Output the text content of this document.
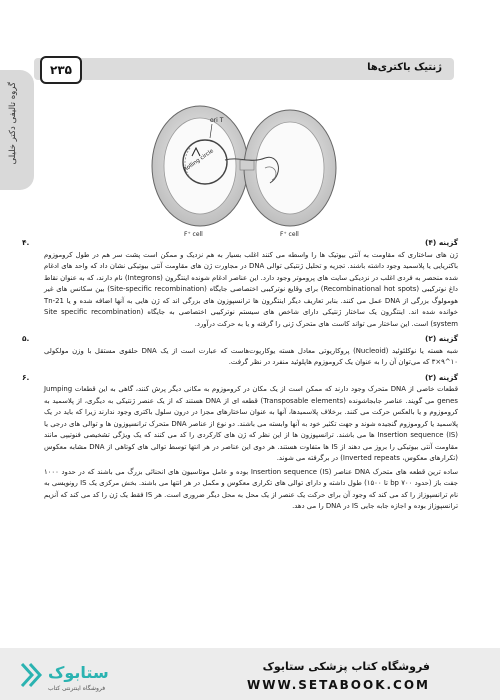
گروه تالیفی دکتر خلیلی
۲۳۵	ژنتیک باکتری‌ها
ori T
Rolling circle
F⁺ cell	F⁺ cell
۴.	گزینه (۴)

ژن های ساختاری که مقاومت به آنتی بیوتیک ها را واسطه می کنند اغلب بسیار به هم نزدیک و ممکن است پشت سر هم در طول کروموزوم باکتریایی یا پلاسمید وجود داشته باشند. تجزیه و تحلیل ژنتیکی توالی DNA در مجاورت ژن های مقاومت آنتی بیوتیکی نشان داد که واحد های ادغام شده منحصر به فردی اغلب در نزدیکی سایت های پروموتر وجود دارد. این عناصر ادغام شونده اینتگرون (Integrons) نام دارند، که به عنوان نقاط داغ نوترکیبی (Recombinational hot spots) برای وقایع نوترکیبی اختصاصی جایگاه (Site-specific recombination) بین سکانس های غیر هومولوگ بزرگی از DNA عمل می کنند. بنابر تعاریف دیگر اینتگرون ها ترانسپوزون های بزرگی اند که ژن هایی به آنها اضافه شده و یا Tn-21 خوانده شده اند. اینتگرون یک ساختار ژنتیکی دارای شاخص های سیستم نوترکیبی اختصاصی به جایگاه (Site specific recombination system) است. این ساختار می تواند کاست های متحرک ژنی را گرفته و یا به حرکت درآورد.

۵.	گزینه (۲)

شبه هسته یا نوکلئوئید (Nucleoid) پروکاریوتی معادل هسته یوکاریوت‌هاست که عبارت است از یک DNA حلقوی مستقل با وزن مولکولی ۱۰^۹×۳ که می‌توان آن را به عنوان یک کروموزوم هاپلوئید منفرد در نظر گرفت.

۶.	گزینه (۲)

قطعات خاصی از DNA متحرک وجود دارند که ممکن است از یک مکان در کروموزوم به مکانی دیگر پرش کنند، گاهی به این قطعات Jumping genes می گویند. عناصر جابجاشونده (Transposable elements) قطعه ای از DNA هستند که از یک عنصر ژنتیکی به دیگری، از پلاسمید به کروموزوم و یا بالعکس حرکت می کنند. برخلاف پلاسمیدها، آنها به عنوان ساختارهای مجزا در درون سلول باکتری وجود ندارند زیرا که باید در یک پلاسمید یا کروموزوم گنجیده شوند و جهت تکثیر خود به آنها وابسته می باشند. دو نوع از عناصر DNA متحرک ترانسپوزون ها و توالی های درجی یا Insertion sequence (IS) ها می باشند. ترانسپوزون ها از این نظر که ژن های کارکردی را کد می کنند که یک ویژگی تشخیصی فنوتیپی مانند مقاومت آنتی بیوتیکی را بروز می دهند از IS ها متفاوت هستند. هر دوی این عناصر در هر انتها توسط توالی های کوتاهی از DNA مشابه معکوس (تکرارهای معکوس، Inverted repeats) در برگرفته می شوند.

ساده ترین قطعه های متحرک DNA عناصر Insertion sequence (IS) بوده و عامل موتاسیون های انحنائی بزرگ می باشند که در حدود ۱۰۰۰ جفت باز (حدود ۷۰۰ bp تا ۱۵۰۰) طول داشته و دارای توالی های تکراری معکوس و مکمل در هر انتها می باشند. بخش مرکزی یک IS رونویسی به نام ترانسپوزاز را کد می کند که وجود آن برای حرکت یک عنصر از یک محل به محل دیگر ضروری است. هر IS فقط یک ژن را کد می کند که آنزیم ترانسپوزاز بوده و اجازه جابه جایی IS در DNA را می دهد.

ستابوک
فروشگاه اینترنتی کتاب
فروشگاه کتاب پزشکی ستابوک
WWW.SETABOOK.COM
